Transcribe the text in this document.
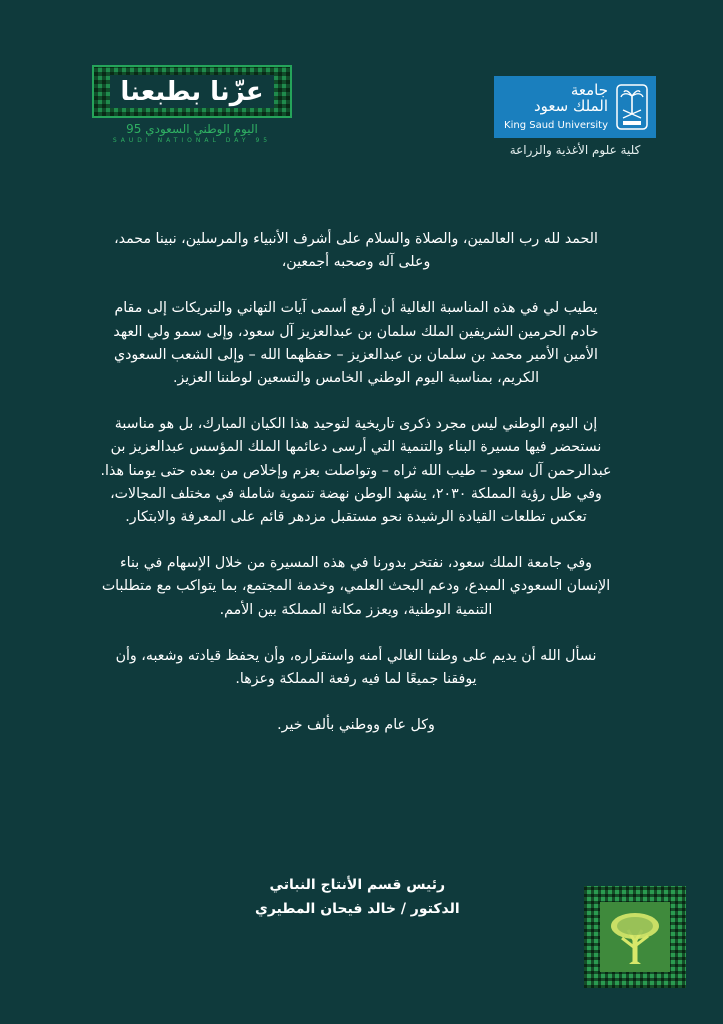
عزّنا بطبعنا
اليوم الوطني السعودي 95
SAUDI NATIONAL DAY 95
جامعة
الملك سعود
King Saud University
كلية علوم الأغذية والزراعة

الحمد لله رب العالمين، والصلاة والسلام على أشرف الأنبياء والمرسلين، نبينا محمد، وعلى آله وصحبه أجمعين،

يطيب لي في هذه المناسبة الغالية أن أرفع أسمى آيات التهاني والتبريكات إلى مقام خادم الحرمين الشريفين الملك سلمان بن عبدالعزيز آل سعود، وإلى سمو ولي العهد الأمين الأمير محمد بن سلمان بن عبدالعزيز – حفظهما الله – وإلى الشعب السعودي الكريم، بمناسبة اليوم الوطني الخامس والتسعين لوطننا العزيز.

إن اليوم الوطني ليس مجرد ذكرى تاريخية لتوحيد هذا الكيان المبارك، بل هو مناسبة نستحضر فيها مسيرة البناء والتنمية التي أرسى دعائمها الملك المؤسس عبدالعزيز بن عبدالرحمن آل سعود – طيب الله ثراه – وتواصلت بعزم وإخلاص من بعده حتى يومنا هذا. وفي ظل رؤية المملكة ٢٠٣٠، يشهد الوطن نهضة تنموية شاملة في مختلف المجالات، تعكس تطلعات القيادة الرشيدة نحو مستقبل مزدهر قائم على المعرفة والابتكار.

وفي جامعة الملك سعود، نفتخر بدورنا في هذه المسيرة من خلال الإسهام في بناء الإنسان السعودي المبدع، ودعم البحث العلمي، وخدمة المجتمع، بما يتواكب مع متطلبات التنمية الوطنية، ويعزز مكانة المملكة بين الأمم.

نسأل الله أن يديم على وطننا الغالي أمنه واستقراره، وأن يحفظ قيادته وشعبه، وأن يوفقنا جميعًا لما فيه رفعة المملكة وعزها.

وكل عام ووطني بألف خير.

رئيس قسم الأنتاج النباتي
الدكتور / خالد فيحان المطيري
